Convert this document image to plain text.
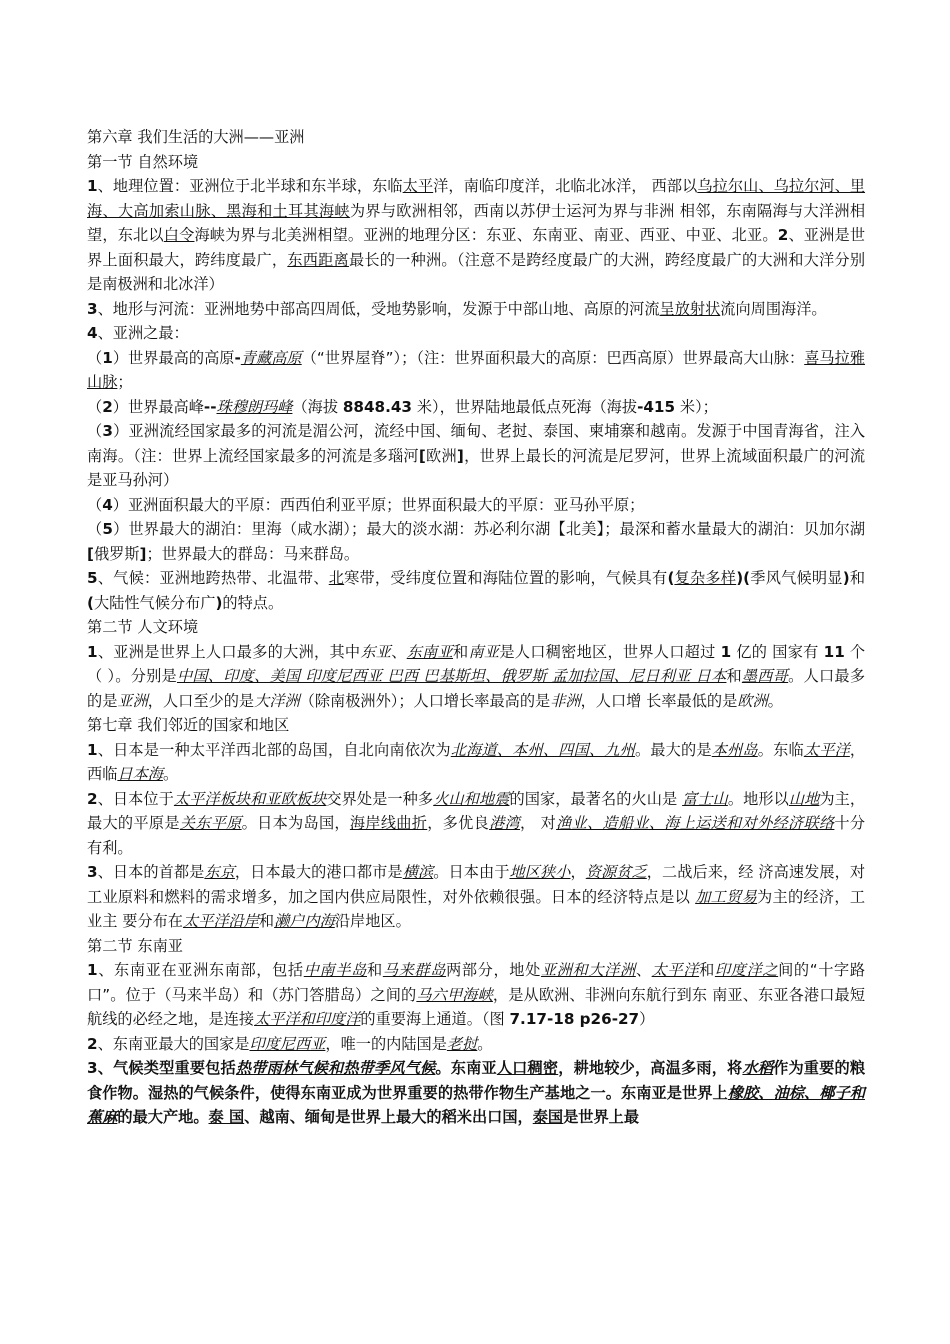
第六章 我们生活的大洲——亚洲

第一节 自然环境

1、地理位置：亚洲位于北半球和东半球，东临太平洋，南临印度洋，北临北冰洋， 西部以乌拉尔山、乌拉尔河、里海、大高加索山脉、黑海和土耳其海峡为界与欧洲相邻，西南以苏伊士运河为界与非洲 相邻，东南隔海与大洋洲相望，东北以白令海峡为界与北美洲相望。亚洲的地理分区：东亚、东南亚、南亚、西亚、中亚、北亚。2、亚洲是世界上面积最大，跨纬度最广，东西距离最长的一种洲。（注意不是跨经度最广的大洲，跨经度最广的大洲和大洋分别是南极洲和北冰洋）

3、地形与河流：亚洲地势中部高四周低，受地势影响，发源于中部山地、高原的河流呈放射状流向周围海洋。

4、亚洲之最：

（1）世界最高的高原-青藏高原（“世界屋脊”）；（注：世界面积最大的高原：巴西高原）世界最高大山脉：喜马拉雅山脉；

（2）世界最高峰--珠穆朗玛峰（海拔 8848.43 米），世界陆地最低点死海（海拔-415 米）；

（3）亚洲流经国家最多的河流是湄公河，流经中国、缅甸、老挝、泰国、柬埔寨和越南。发源于中国青海省，注入南海。（注：世界上流经国家最多的河流是多瑙河[欧洲]，世界上最长的河流是尼罗河，世界上流域面积最广的河流是亚马孙河）

（4）亚洲面积最大的平原：西西伯利亚平原；世界面积最大的平原：亚马孙平原；

（5）世界最大的湖泊：里海（咸水湖）；最大的淡水湖：苏必利尔湖【北美】；最深和蓄水量最大的湖泊：贝加尔湖[俄罗斯]；世界最大的群岛：马来群岛。

5、气候：亚洲地跨热带、北温带、北寒带，受纬度位置和海陆位置的影响，气候具有(复杂多样)(季风气候明显)和(大陆性气候分布广)的特点。

第二节 人文环境

1、亚洲是世界上人口最多的大洲，其中东亚、东南亚和南亚是人口稠密地区，世界人口超过 1 亿的 国家有 11 个（ ）。分别是中国、印度、美国 印度尼西亚 巴西 巴基斯坦、俄罗斯 孟加拉国、尼日利亚 日本和墨西哥。人口最多的是亚洲，人口至少的是大洋洲（除南极洲外）；人口增长率最高的是非洲，人口增 长率最低的是欧洲。

第七章 我们邻近的国家和地区

1、日本是一种太平洋西北部的岛国，自北向南依次为北海道、本州、四国、九州。最大的是本州岛。东临太平洋，西临日本海。

2、日本位于太平洋板块和亚欧板块交界处是一种多火山和地震的国家，最著名的火山是 富士山。地形以山地为主，最大的平原是关东平原。日本为岛国，海岸线曲折，多优良港湾， 对渔业、造船业、海上运送和对外经济联络十分有利。

3、日本的首都是东京，日本最大的港口都市是横滨。日本由于地区狭小，资源贫乏，二战后来，经 济高速发展，对工业原料和燃料的需求增多，加之国内供应局限性，对外依赖很强。日本的经济特点是以 加工贸易为主的经济，工业主 要分布在太平洋沿岸和濑户内海沿岸地区。

第二节 东南亚

1、东南亚在亚洲东南部，包括中南半岛和马来群岛两部分，地处亚洲和大洋洲、太平洋和印度洋之间的“十字路口”。位于（马来半岛）和（苏门答腊岛）之间的马六甲海峡，是从欧洲、非洲向东航行到东 南亚、东亚各港口最短航线的必经之地，是连接太平洋和印度洋的重要海上通道。（图 7.17-18 p26-27）

2、东南亚最大的国家是印度尼西亚，唯一的内陆国是老挝。

3、气候类型重要包括热带雨林气候和热带季风气候。东南亚人口稠密，耕地较少，高温多雨，将水稻作为重要的粮食作物。湿热的气候条件，使得东南亚成为世界重要的热带作物生产基地之一。东南亚是世界上橡胶、油棕、椰子和蕉麻的最大产地。泰 国、越南、缅甸是世界上最大的稻米出口国，泰国是世界上最
